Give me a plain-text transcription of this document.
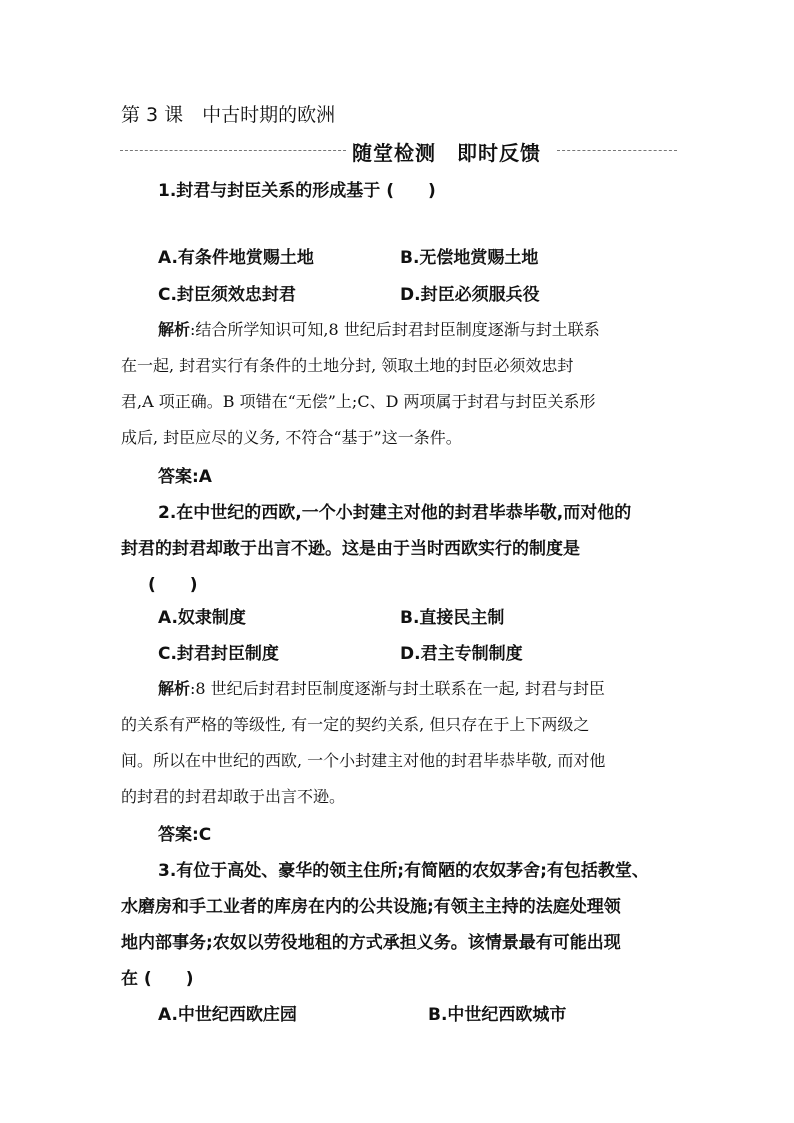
第 3 课　中古时期的欧洲
随堂检测　即时反馈
1.封君与封臣关系的形成基于 (　　)
A.有条件地赏赐土地	B.无偿地赏赐土地
C.封臣须效忠封君	D.封臣必须服兵役
解析:结合所学知识可知,8 世纪后封君封臣制度逐渐与封土联系
在一起, 封君实行有条件的土地分封, 领取土地的封臣必须效忠封
君,A 项正确。B 项错在“无偿”上;C、D 两项属于封君与封臣关系形
成后, 封臣应尽的义务, 不符合“基于”这一条件。
答案:A
2.在中世纪的西欧,一个小封建主对他的封君毕恭毕敬,而对他的
封君的封君却敢于出言不逊。这是由于当时西欧实行的制度是
(　　)
A.奴隶制度	B.直接民主制
C.封君封臣制度	D.君主专制制度
解析:8 世纪后封君封臣制度逐渐与封土联系在一起, 封君与封臣
的关系有严格的等级性, 有一定的契约关系, 但只存在于上下两级之
间。所以在中世纪的西欧, 一个小封建主对他的封君毕恭毕敬, 而对他
的封君的封君却敢于出言不逊。
答案:C
3.有位于高处、豪华的领主住所;有简陋的农奴茅舍;有包括教堂、
水磨房和手工业者的库房在内的公共设施;有领主主持的法庭处理领
地内部事务;农奴以劳役地租的方式承担义务。该情景最有可能出现
在 (　　)
A.中世纪西欧庄园	B.中世纪西欧城市
